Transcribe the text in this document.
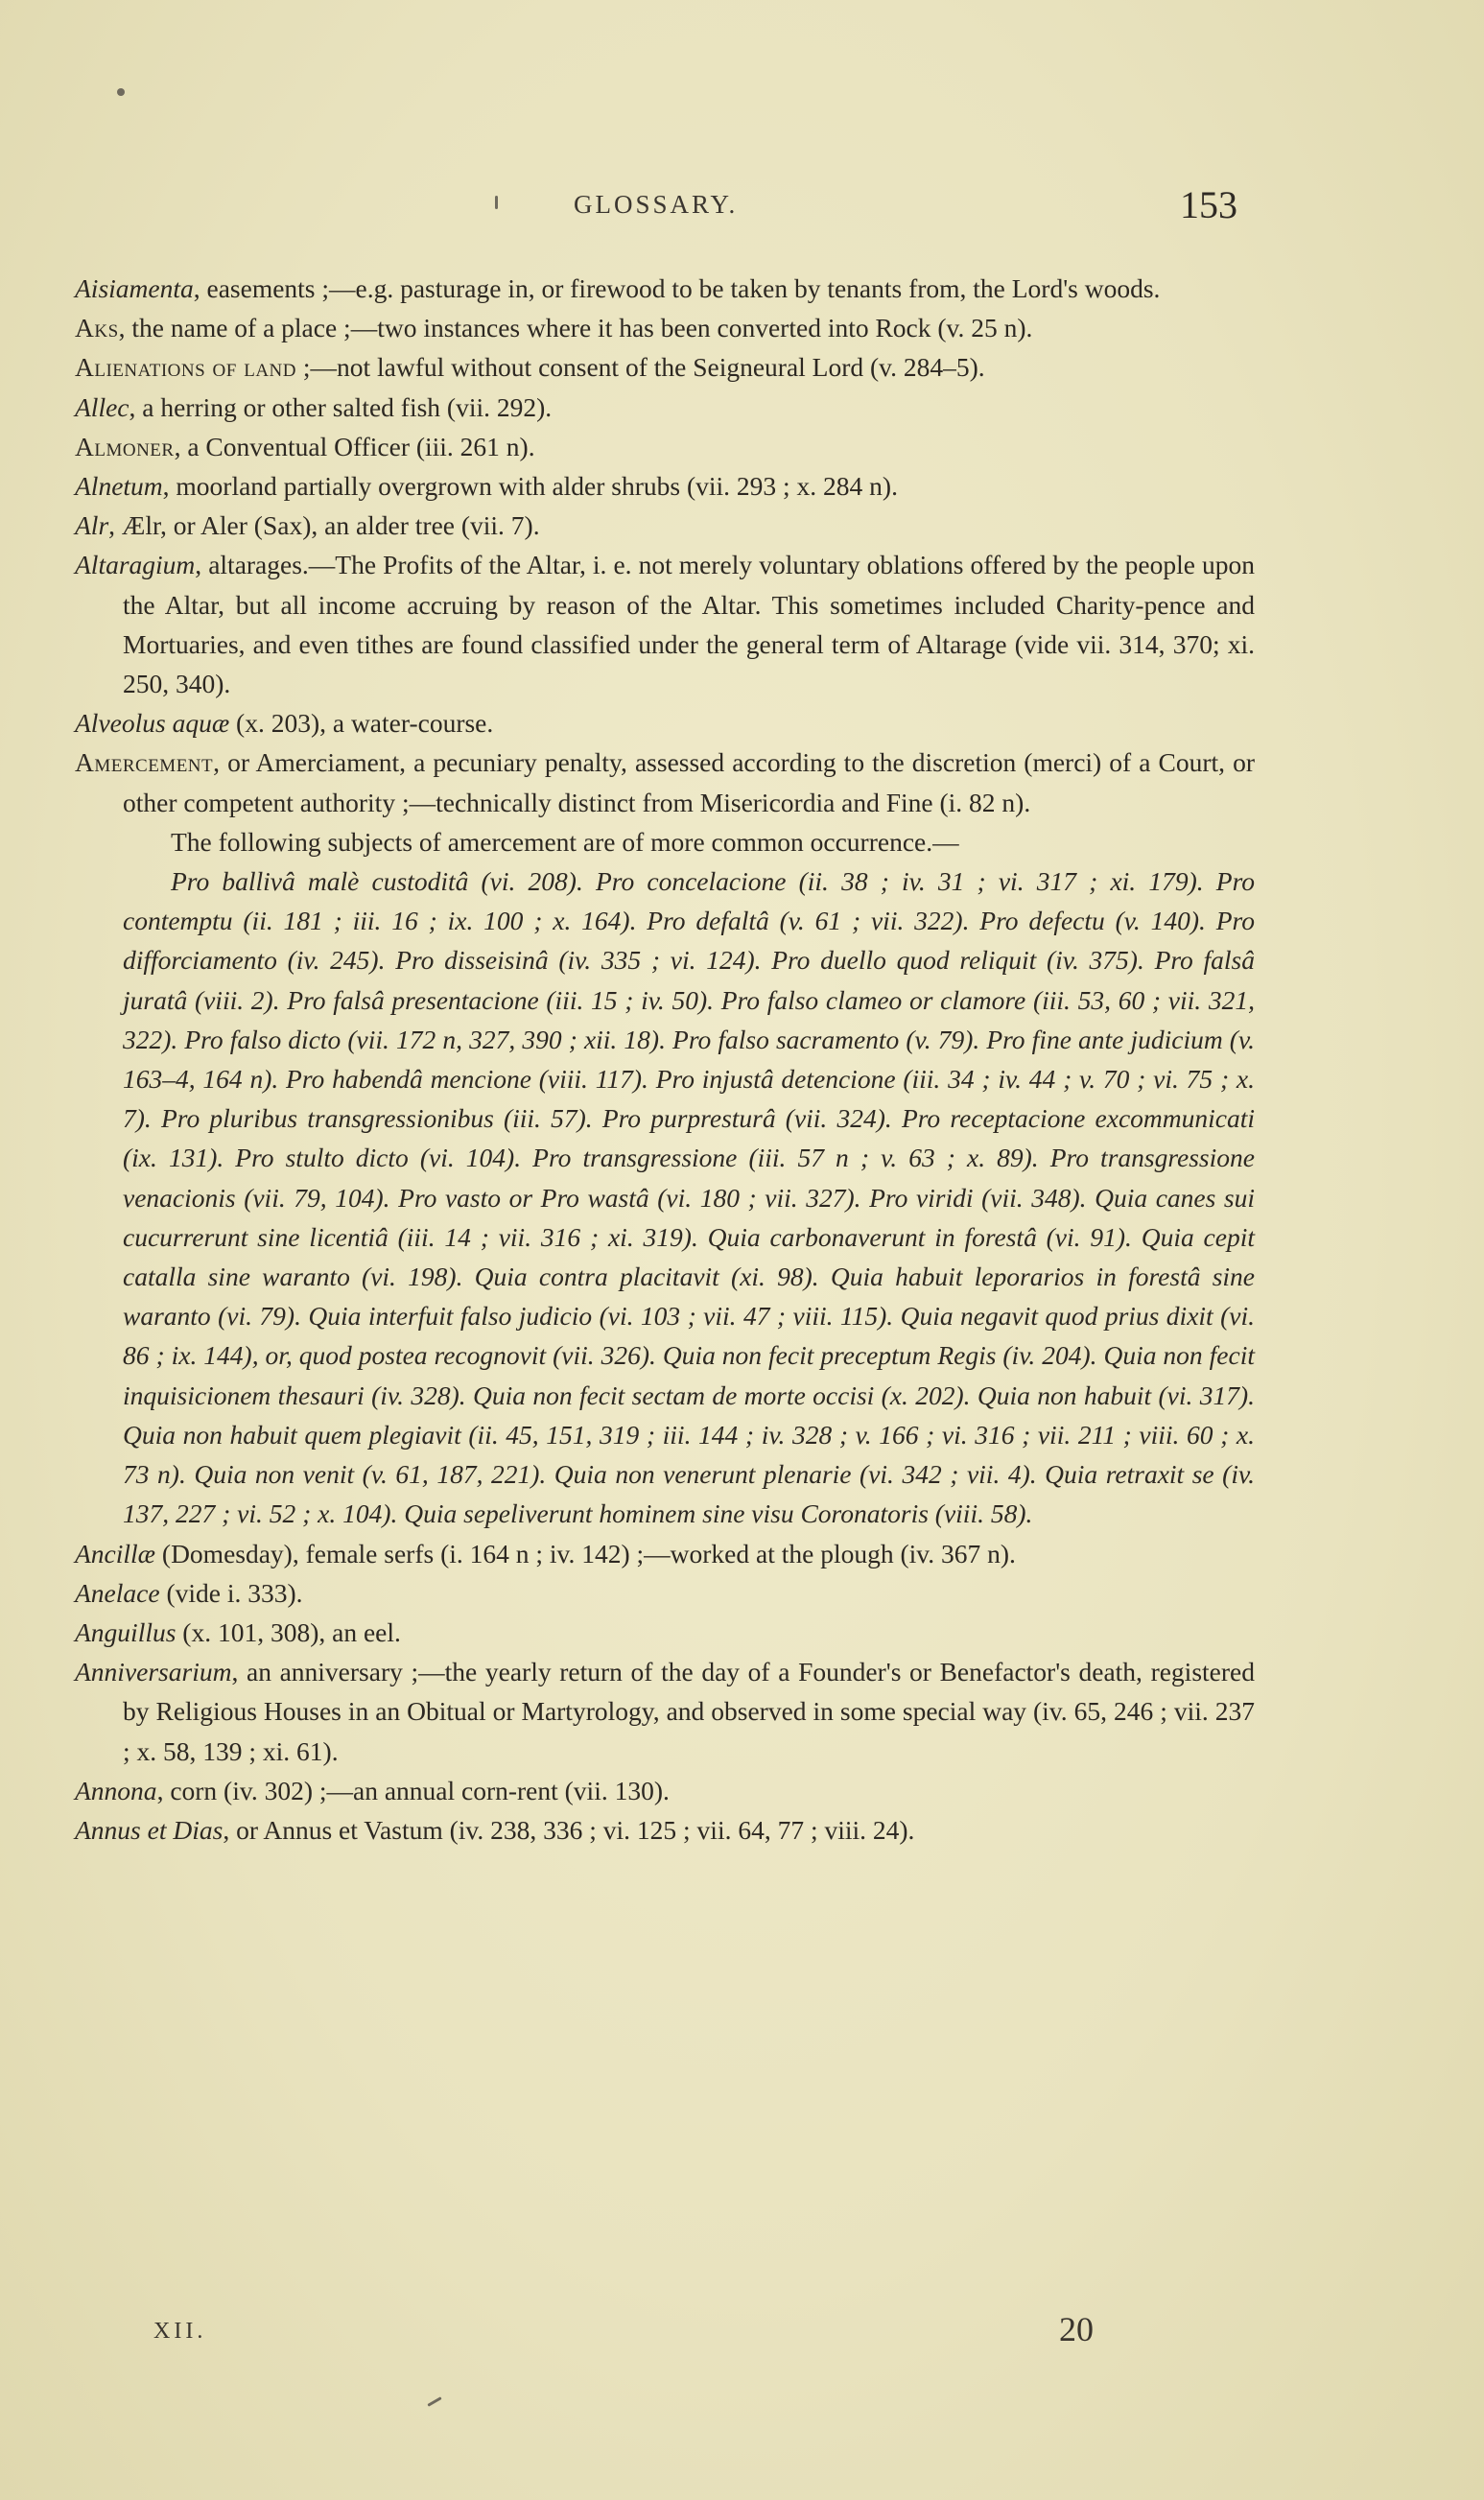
GLOSSARY.	153

Aisiamenta, easements ;—e.g. pasturage in, or firewood to be taken by tenants from, the Lord's woods.

Aks, the name of a place ;—two instances where it has been converted into Rock (v. 25 n).

Alienations of land ;—not lawful without consent of the Seigneural Lord (v. 284–5).

Allec, a herring or other salted fish (vii. 292).

Almoner, a Conventual Officer (iii. 261 n).

Alnetum, moorland partially overgrown with alder shrubs (vii. 293 ; x. 284 n).

Alr, Ælr, or Aler (Sax), an alder tree (vii. 7).

Altaragium, altarages.—The Profits of the Altar, i. e. not merely voluntary oblations offered by the people upon the Altar, but all income accruing by reason of the Altar. This sometimes included Charity-pence and Mortuaries, and even tithes are found classified under the general term of Altarage (vide vii. 314, 370; xi. 250, 340).

Alveolus aquæ (x. 203), a water-course.

Amercement, or Amerciament, a pecuniary penalty, assessed according to the discretion (merci) of a Court, or other competent authority ;—technically distinct from Misericordia and Fine (i. 82 n).

The following subjects of amercement are of more common occurrence.—

Pro ballivâ malè custoditâ (vi. 208). Pro concelacione (ii. 38 ; iv. 31 ; vi. 317 ; xi. 179). Pro contemptu (ii. 181 ; iii. 16 ; ix. 100 ; x. 164). Pro defaltâ (v. 61 ; vii. 322). Pro defectu (v. 140). Pro difforciamento (iv. 245). Pro disseisinâ (iv. 335 ; vi. 124). Pro duello quod reliquit (iv. 375). Pro falsâ juratâ (viii. 2). Pro falsâ presentacione (iii. 15 ; iv. 50). Pro falso clameo or clamore (iii. 53, 60 ; vii. 321, 322). Pro falso dicto (vii. 172 n, 327, 390 ; xii. 18). Pro falso sacramento (v. 79). Pro fine ante judicium (v. 163–4, 164 n). Pro habendâ mencione (viii. 117). Pro injustâ detencione (iii. 34 ; iv. 44 ; v. 70 ; vi. 75 ; x. 7). Pro pluribus transgressionibus (iii. 57). Pro purpresturâ (vii. 324). Pro receptacione excommunicati (ix. 131). Pro stulto dicto (vi. 104). Pro transgressione (iii. 57 n ; v. 63 ; x. 89). Pro transgressione venacionis (vii. 79, 104). Pro vasto or Pro wastâ (vi. 180 ; vii. 327). Pro viridi (vii. 348). Quia canes sui cucurrerunt sine licentiâ (iii. 14 ; vii. 316 ; xi. 319). Quia carbonaverunt in forestâ (vi. 91). Quia cepit catalla sine waranto (vi. 198). Quia contra placitavit (xi. 98). Quia habuit leporarios in forestâ sine waranto (vi. 79). Quia interfuit falso judicio (vi. 103 ; vii. 47 ; viii. 115). Quia negavit quod prius dixit (vi. 86 ; ix. 144), or, quod postea recognovit (vii. 326). Quia non fecit preceptum Regis (iv. 204). Quia non fecit inquisicionem thesauri (iv. 328). Quia non fecit sectam de morte occisi (x. 202). Quia non habuit (vi. 317). Quia non habuit quem plegiavit (ii. 45, 151, 319 ; iii. 144 ; iv. 328 ; v. 166 ; vi. 316 ; vii. 211 ; viii. 60 ; x. 73 n). Quia non venit (v. 61, 187, 221). Quia non venerunt plenarie (vi. 342 ; vii. 4). Quia retraxit se (iv. 137, 227 ; vi. 52 ; x. 104). Quia sepeliverunt hominem sine visu Coronatoris (viii. 58).

Ancillæ (Domesday), female serfs (i. 164 n ; iv. 142) ;—worked at the plough (iv. 367 n).

Anelace (vide i. 333).

Anguillus (x. 101, 308), an eel.

Anniversarium, an anniversary ;—the yearly return of the day of a Founder's or Benefactor's death, registered by Religious Houses in an Obitual or Martyrology, and observed in some special way (iv. 65, 246 ; vii. 237 ; x. 58, 139 ; xi. 61).

Annona, corn (iv. 302) ;—an annual corn-rent (vii. 130).

Annus et Dias, or Annus et Vastum (iv. 238, 336 ; vi. 125 ; vii. 64, 77 ; viii. 24).

XII.	20
